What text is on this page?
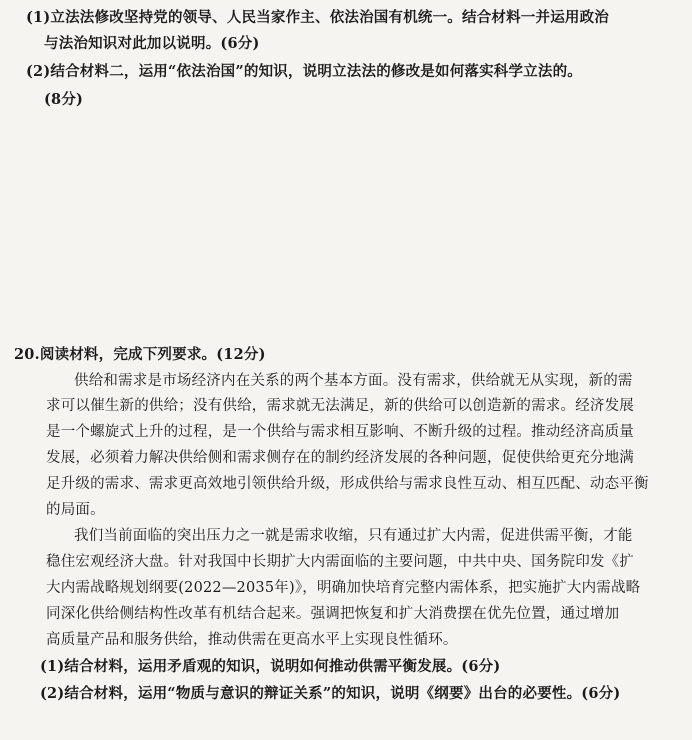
(1)立法法修改坚持党的领导、人民当家作主、依法治国有机统一。结合材料一并运用政治
与法治知识对此加以说明。(6分)
(2)结合材料二，运用“依法治国”的知识，说明立法法的修改是如何落实科学立法的。
(8分)
20.阅读材料，完成下列要求。(12分)
供给和需求是市场经济内在关系的两个基本方面。没有需求，供给就无从实现，新的需
求可以催生新的供给；没有供给，需求就无法满足，新的供给可以创造新的需求。经济发展
是一个螺旋式上升的过程，是一个供给与需求相互影响、不断升级的过程。推动经济高质量
发展，必须着力解决供给侧和需求侧存在的制约经济发展的各种问题，促使供给更充分地满
足升级的需求、需求更高效地引领供给升级，形成供给与需求良性互动、相互匹配、动态平衡
的局面。
我们当前面临的突出压力之一就是需求收缩，只有通过扩大内需，促进供需平衡，才能
稳住宏观经济大盘。针对我国中长期扩大内需面临的主要问题，中共中央、国务院印发《扩
大内需战略规划纲要(2022—2035年)》，明确加快培育完整内需体系，把实施扩大内需战略
同深化供给侧结构性改革有机结合起来。强调把恢复和扩大消费摆在优先位置，通过增加
高质量产品和服务供给，推动供需在更高水平上实现良性循环。
(1)结合材料，运用矛盾观的知识，说明如何推动供需平衡发展。(6分)
(2)结合材料，运用“物质与意识的辩证关系”的知识，说明《纲要》出台的必要性。(6分)
